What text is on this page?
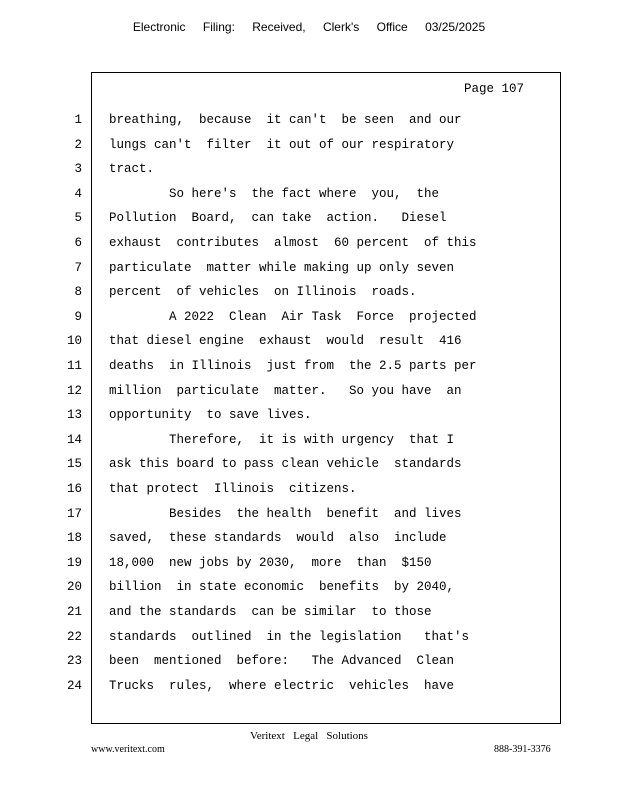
Electronic Filing: Received, Clerk's Office 03/25/2025
Page 107
1 breathing,  because  it can't  be seen  and our
2 lungs can't  filter  it out of our respiratory
3 tract.
4 So here's  the fact where  you,  the
5 Pollution  Board,  can take  action.   Diesel
6 exhaust  contributes  almost  60 percent  of this
7 particulate  matter while making up only seven
8 percent  of vehicles  on Illinois  roads.
9 A 2022  Clean  Air Task  Force  projected
10 that diesel engine  exhaust  would  result  416
11 deaths  in Illinois  just from  the 2.5 parts per
12 million  particulate  matter.   So you have  an
13 opportunity  to save lives.
14 Therefore,  it is with urgency  that I
15 ask this board to pass clean vehicle  standards
16 that protect  Illinois  citizens.
17 Besides  the health  benefit  and lives
18 saved,  these standards  would  also  include
19 18,000  new jobs by 2030,  more  than  $150
20 billion  in state economic  benefits  by 2040,
21 and the standards  can be similar  to those
22 standards  outlined  in the legislation   that's
23 been  mentioned  before:   The Advanced  Clean
24 Trucks  rules,  where electric  vehicles  have
Veritext   Legal   Solutions
www.veritext.com	888-391-3376
